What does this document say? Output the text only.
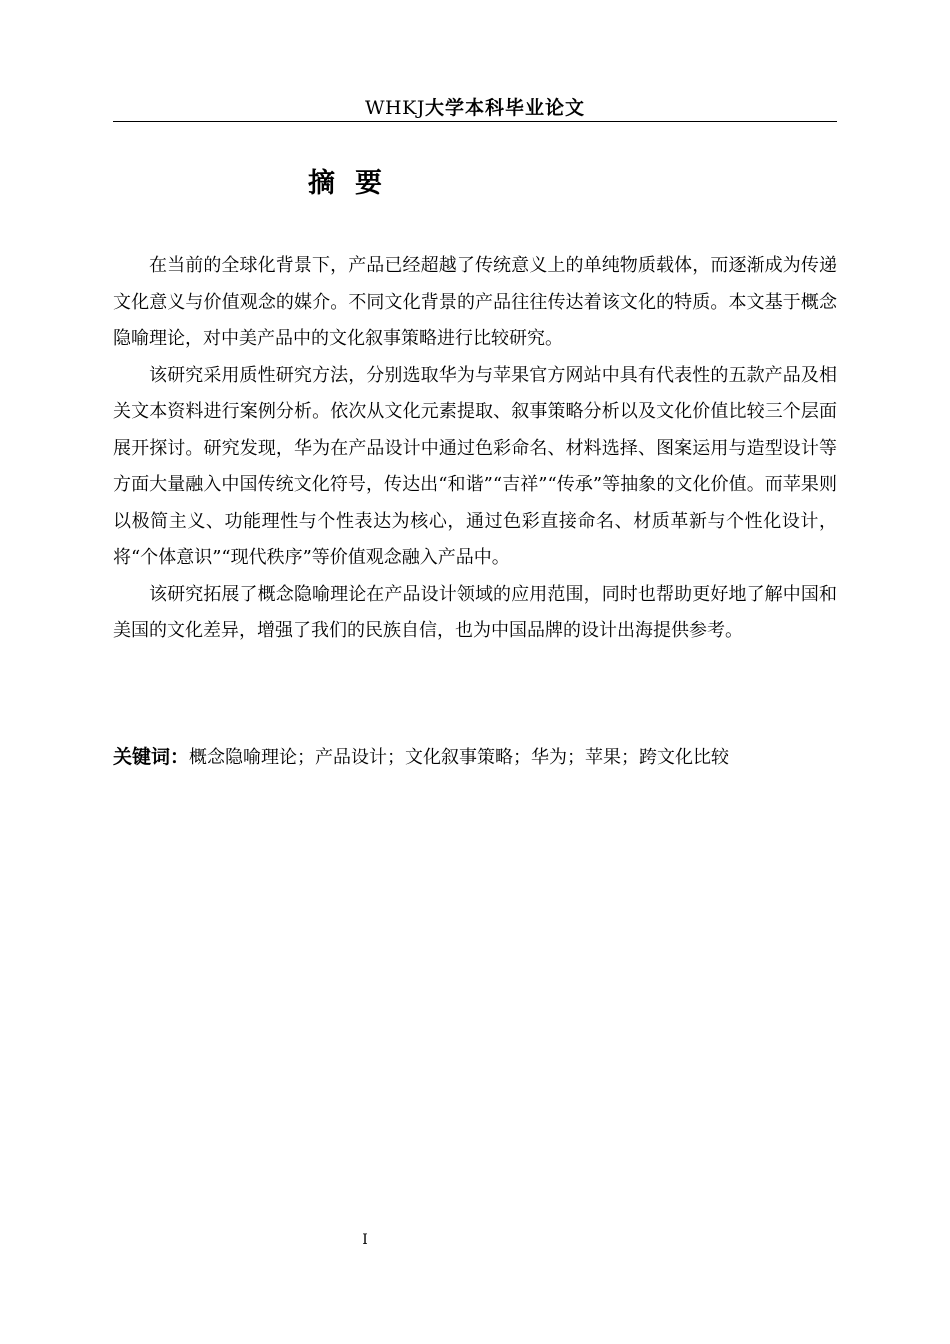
WHKJ大学本科毕业论文
摘要

在当前的全球化背景下，产品已经超越了传统意义上的单纯物质载体，而逐渐成为传递文化意义与价值观念的媒介。不同文化背景的产品往往传达着该文化的特质。本文基于概念隐喻理论，对中美产品中的文化叙事策略进行比较研究。

该研究采用质性研究方法，分别选取华为与苹果官方网站中具有代表性的五款产品及相关文本资料进行案例分析。依次从文化元素提取、叙事策略分析以及文化价值比较三个层面展开探讨。研究发现，华为在产品设计中通过色彩命名、材料选择、图案运用与造型设计等方面大量融入中国传统文化符号，传达出“和谐”“吉祥”“传承”等抽象的文化价值。而苹果则以极简主义、功能理性与个性表达为核心，通过色彩直接命名、材质革新与个性化设计，将“个体意识”“现代秩序”等价值观念融入产品中。

该研究拓展了概念隐喻理论在产品设计领域的应用范围，同时也帮助更好地了解中国和美国的文化差异，增强了我们的民族自信，也为中国品牌的设计出海提供参考。

关键词：概念隐喻理论；产品设计；文化叙事策略；华为；苹果；跨文化比较
I
